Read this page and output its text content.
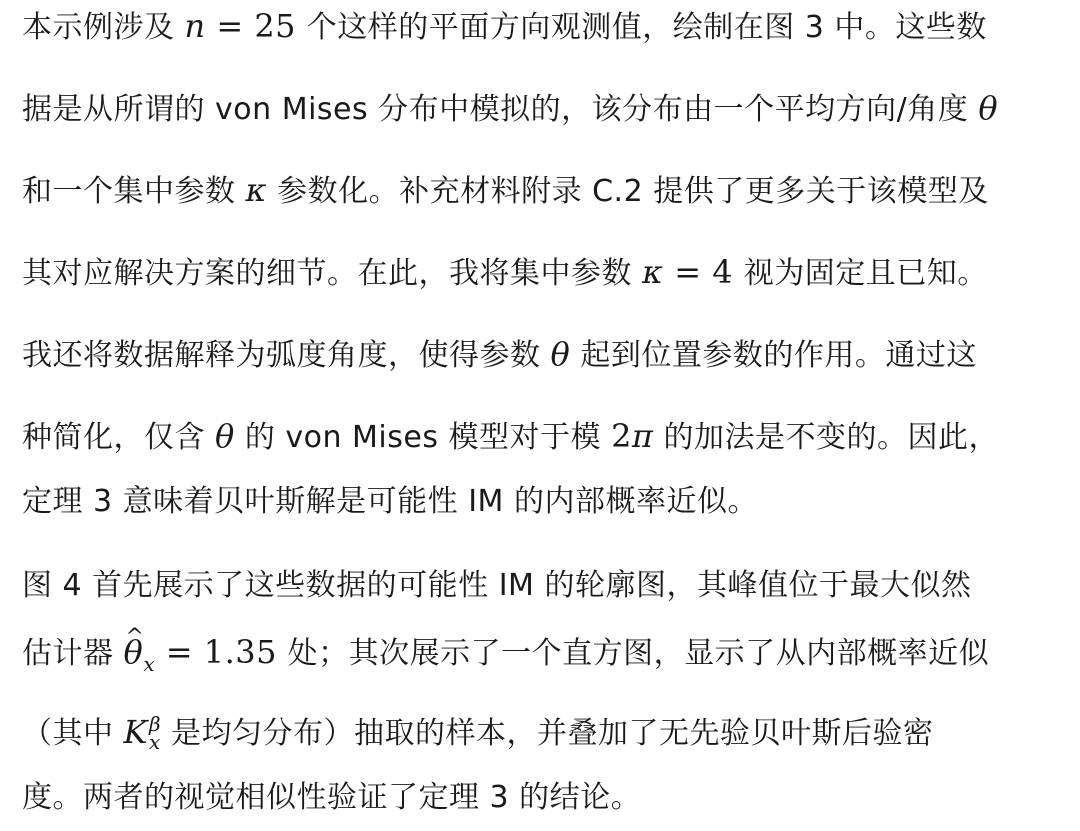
本示例涉及 n = 25 个这样的平面方向观测值，绘制在图 3 中。这些数
据是从所谓的 von Mises 分布中模拟的，该分布由一个平均方向/角度 θ
和一个集中参数 κ 参数化。补充材料附录 C.2 提供了更多关于该模型及
其对应解决方案的细节。在此，我将集中参数 κ = 4 视为固定且已知。
我还将数据解释为弧度角度，使得参数 θ 起到位置参数的作用。通过这
种简化，仅含 θ 的 von Mises 模型对于模 2π 的加法是不变的。因此，
定理 3 意味着贝叶斯解是可能性 IM 的内部概率近似。
图 4 首先展示了这些数据的可能性 IM 的轮廓图，其峰值位于最大似然
估计器 ^ $\theta_x = 1.35$ 处；其次展示了一个直方图，显示了从内部概率近似
（其中 K β
x 是均匀分布）抽取的样本，并叠加了无先验贝叶斯后验密
度。两者的视觉相似性验证了定理 3 的结论。
